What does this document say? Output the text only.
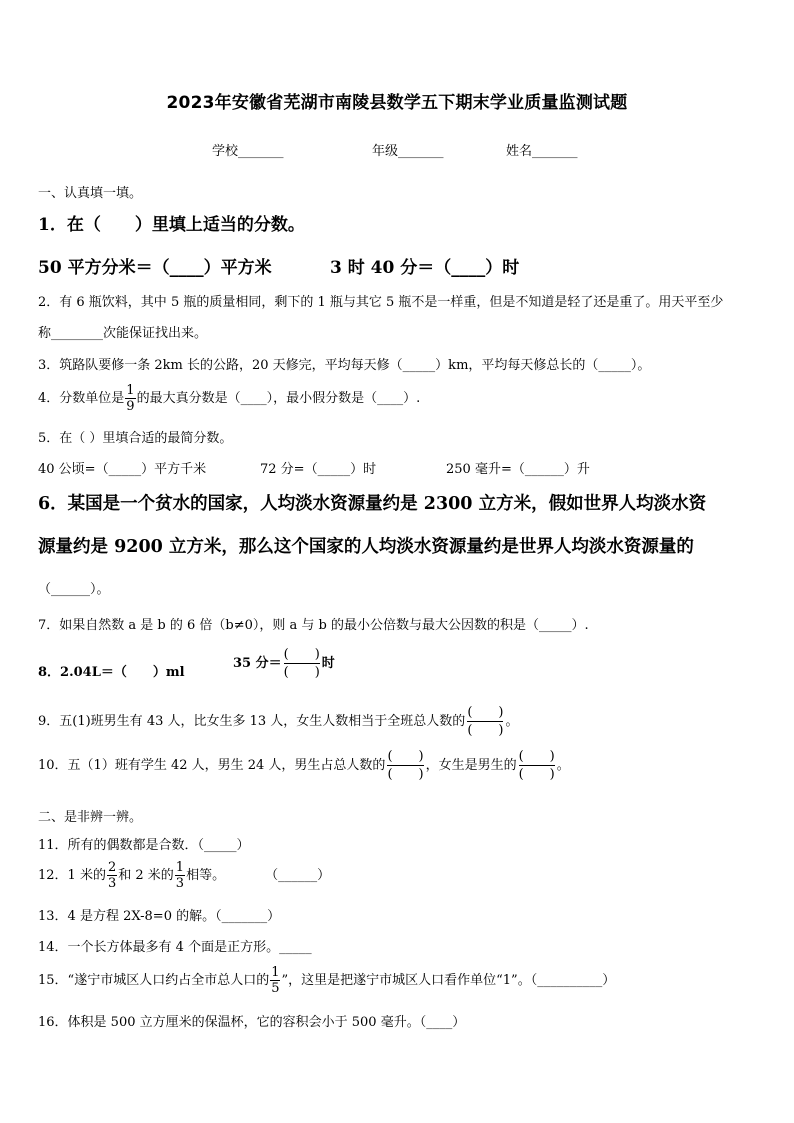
2023年安徽省芜湖市南陵县数学五下期末学业质量监测试题
学校_______	年级_______	姓名_______
一、认真填一填。
1．在（　　）里填上适当的分数。
50 平方分米＝（____）平方米	3 时 40 分＝（____）时
2．有 6 瓶饮料，其中 5 瓶的质量相同，剩下的 1 瓶与其它 5 瓶不是一样重，但是不知道是轻了还是重了。用天平至少
称________次能保证找出来。
3．筑路队要修一条 2km 长的公路，20 天修完，平均每天修（_____）km，平均每天修总长的（_____）。
4．分数单位是 $\frac{1}{9}$ 的最大真分数是（____），最小假分数是（____）.
5．在（ ）里填合适的最简分数。
40 公顷=（_____）平方千米	72 分=（_____）时	250 毫升=（______）升
6．某国是一个贫水的国家，人均淡水资源量约是 2300 立方米，假如世界人均淡水资
源量约是 9200 立方米，那么这个国家的人均淡水资源量约是世界人均淡水资源量的
（______）。
7．如果自然数 a 是 b 的 6 倍（b≠0），则 a 与 b 的最小公倍数与最大公因数的积是（_____）.
8．2.04L＝（　　）ml
35 分＝
(　　)
(　　)
时
9．五(1)班男生有 43 人，比女生多 13 人，女生人数相当于全班总人数的
(　　)
(　　)
。
10．五（1）班有学生 42 人，男生 24 人，男生占总人数的
(　　)
(　　)
，女生是男生的
(　　)
(　　)
。
二、是非辨一辨。
11．所有的偶数都是合数．（_____）
12．1 米的 $\frac{2}{3}$ 和 2 米的 $\frac{1}{3}$ 相等。	（______）
13．4 是方程 2X-8=0 的解。（_______）
14．一个长方体最多有 4 个面是正方形。_____
15．“遂宁市城区人口约占全市总人口的 $\frac{1}{5}$ ”，这里是把遂宁市城区人口看作单位“1”。（__________）
16．体积是 500 立方厘米的保温杯，它的容积会小于 500 毫升。（____）
